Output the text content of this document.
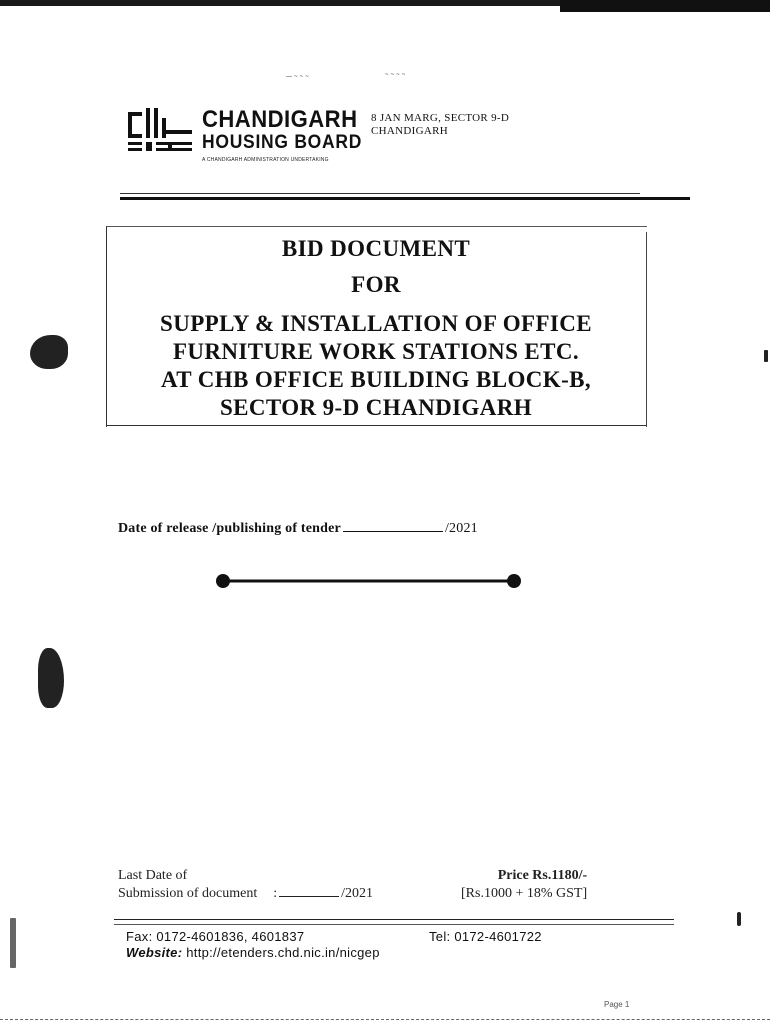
— ~ ~ ~	~ ~ ~ ~
CHANDIGARH
HOUSING BOARD
A CHANDIGARH ADMINISTRATION UNDERTAKING
8 JAN MARG, SECTOR 9-D
CHANDIGARH
BID DOCUMENT
FOR
SUPPLY & INSTALLATION OF OFFICE
FURNITURE WORK STATIONS ETC.
AT CHB OFFICE BUILDING BLOCK-B,
SECTOR 9-D CHANDIGARH
Date of release /publishing of tender	/2021
Last Date of
Submission of document :	/2021
Price Rs.1180/-
[Rs.1000 + 18% GST]
Fax: 0172-4601836, 4601837
Website: http://etenders.chd.nic.in/nicgep
Tel: 0172-4601722
Page 1
